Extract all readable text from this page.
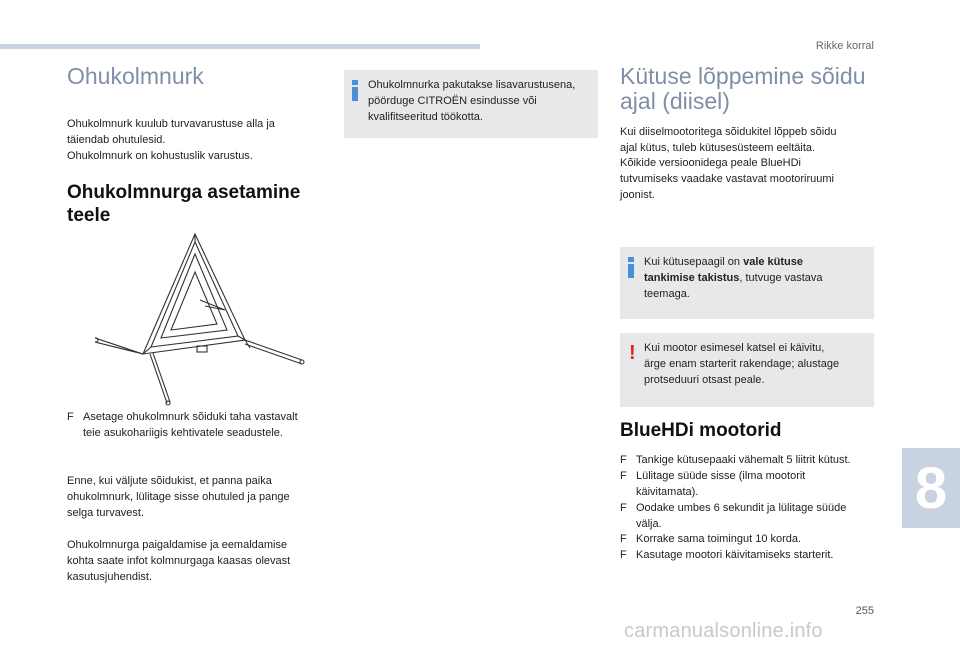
Rikke korral
Ohukolmnurk

Ohukolmnurk kuulub turvavarustuse alla ja
täiendab ohutulesid.
Ohukolmnurk on kohustuslik varustus.

Ohukolmnurga asetamine
teele
F Asetage ohukolmnurk sõiduki taha vastavalt
teie asukohariigis kehtivatele seadustele.

Enne, kui väljute sõidukist, et panna paika
ohukolmnurk, lülitage sisse ohutuled ja pange
selga turvavest.

Ohukolmnurga paigaldamise ja eemaldamise
kohta saate infot kolmnurgaga kaasas olevast
kasutusjuhendist.

Ohukolmnurka pakutakse lisavarustusena,
pöörduge CITROËN esindusse või
kvalifitseeritud töökotta.
Kütuse lõppemine sõidu
ajal (diisel)

Kui diiselmootoritega sõidukitel lõppeb sõidu
ajal kütus, tuleb kütusesüsteem eeltäita.
Kõikide versioonidega peale BlueHDi
tutvumiseks vaadake vastavat mootoriruumi
joonist.

Kui kütusepaagil on vale kütuse
tankimise takistus, tutvuge vastava
teemaga.
! Kui mootor esimesel katsel ei käivitu,
ärge enam starterit rakendage; alustage
protseduuri otsast peale.
BlueHDi mootorid
F Tankige kütusepaaki vähemalt 5 liitrit kütust.
F Lülitage süüde sisse (ilma mootorit
käivitamata).
F Oodake umbes 6 sekundit ja lülitage süüde
välja.
F Korrake sama toimingut 10 korda.
F Kasutage mootori käivitamiseks starterit.
8
255
carmanualsonline.info
